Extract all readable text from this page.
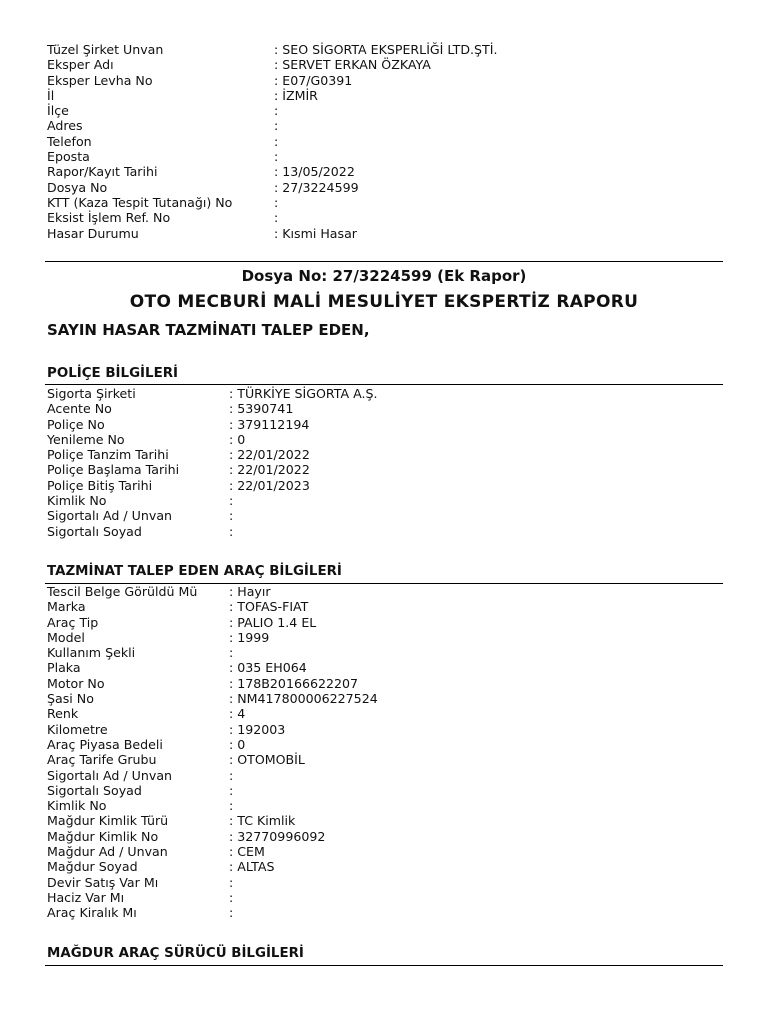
Tüzel Şirket Unvan	: SEO SİGORTA EKSPERLİĞİ LTD.ŞTİ.
Eksper Adı	: SERVET ERKAN ÖZKAYA
Eksper Levha No	: E07/G0391
İl	: İZMİR
İlçe	:
Adres	:
Telefon	:
Eposta	:
Rapor/Kayıt Tarihi	: 13/05/2022
Dosya No	: 27/3224599
KTT (Kaza Tespit Tutanağı) No	:
Eksist İşlem Ref. No	:
Hasar Durumu	: Kısmi Hasar
Dosya No: 27/3224599 (Ek Rapor)
OTO MECBURİ MALİ MESULİYET EKSPERTİZ RAPORU
SAYIN HASAR TAZMİNATI TALEP EDEN,
POLİÇE BİLGİLERİ
Sigorta Şirketi	: TÜRKİYE SİGORTA A.Ş.
Acente No	: 5390741
Poliçe No	: 379112194
Yenileme No	: 0
Poliçe Tanzim Tarihi	: 22/01/2022
Poliçe Başlama Tarihi	: 22/01/2022
Poliçe Bitiş Tarihi	: 22/01/2023
Kimlik No	:
Sigortalı Ad / Unvan	:
Sigortalı Soyad	:
TAZMİNAT TALEP EDEN ARAÇ BİLGİLERİ
Tescil Belge Görüldü Mü	: Hayır
Marka	: TOFAS-FIAT
Araç Tip	: PALIO 1.4 EL
Model	: 1999
Kullanım Şekli	:
Plaka	: 035 EH064
Motor No	: 178B20166622207
Şasi No	: NM417800006227524
Renk	: 4
Kilometre	: 192003
Araç Piyasa Bedeli	: 0
Araç Tarife Grubu	: OTOMOBİL
Sigortalı Ad / Unvan	:
Sigortalı Soyad	:
Kimlik No	:
Mağdur Kimlik Türü	: TC Kimlik
Mağdur Kimlik No	: 32770996092
Mağdur Ad / Unvan	: CEM
Mağdur Soyad	: ALTAS
Devir Satış Var Mı	:
Haciz Var Mı	:
Araç Kiralık Mı	:
MAĞDUR ARAÇ SÜRÜCÜ BİLGİLERİ
